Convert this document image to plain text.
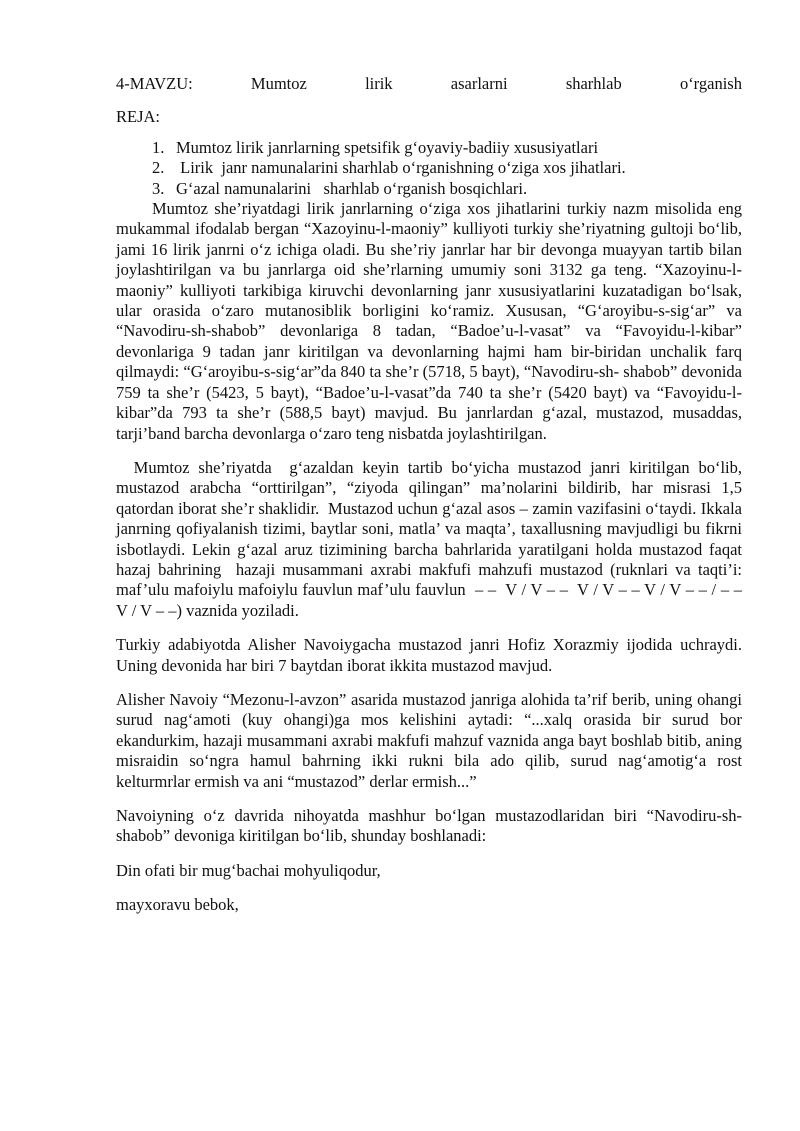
4-MAVZU:	Mumtoz	lirik	asarlarni	sharhlab	o‘rganish
REJA:
1. Mumtoz lirik janrlarning spetsifik g‘oyaviy-badiiy xususiyatlari
2. Lirik  janr namunalarini sharhlab o‘rganishning o‘ziga xos jihatlari.
3. G‘azal namunalarini   sharhlab o‘rganish bosqichlari.

Mumtoz she’riyatdagi lirik janrlarning o‘ziga xos jihatlarini turkiy nazm misolida eng mukammal ifodalab bergan “Xazoyinu-l-maoniy” kulliyoti turkiy she’riyatning gultoji bo‘lib, jami 16 lirik janrni o‘z ichiga oladi. Bu she’riy janrlar har bir devonga muayyan tartib bilan joylashtirilgan va bu janrlarga oid she’rlarning umumiy soni 3132 ga teng. “Xazoyinu-l-maoniy” kulliyoti tarkibiga kiruvchi devonlarning janr xususiyatlarini kuzatadigan bo‘lsak, ular orasida o‘zaro mutanosiblik borligini ko‘ramiz. Xususan, “G‘aroyibu-s-sig‘ar” va “Navodiru-sh-shabob” devonlariga 8 tadan, “Badoe’u-l-vasat” va “Favoyidu-l-kibar” devonlariga 9 tadan janr kiritilgan va devonlarning hajmi ham bir-biridan unchalik farq qilmaydi: “G‘aroyibu-s-sig‘ar”da 840 ta she’r (5718, 5 bayt), “Navodiru-sh- shabob” devonida 759 ta she’r (5423, 5 bayt), “Badoe’u-l-vasat”da 740 ta she’r (5420 bayt) va “Favoyidu-l-kibar”da 793 ta she’r (588,5 bayt) mavjud. Bu janrlardan g‘azal, mustazod, musaddas, tarji’band barcha devonlarga o‘zaro teng nisbatda joylashtirilgan.

Mumtoz she’riyatda  g‘azaldan keyin tartib bo‘yicha mustazod janri kiritilgan bo‘lib, mustazod arabcha “orttirilgan”, “ziyoda qilingan” ma’nolarini bildirib, har misrasi 1,5 qatordan iborat she’r shaklidir.  Mustazod uchun g‘azal asos – zamin vazifasini o‘taydi. Ikkala janrning qofiyalanish tizimi, baytlar soni, matla’ va maqta’, taxallusning mavjudligi bu fikrni isbotlaydi. Lekin g‘azal aruz tizimining barcha bahrlarida yaratilgani holda mustazod faqat hazaj bahrining  hazaji musammani axrabi makfufi mahzufi mustazod (ruknlari va taqti’i: maf’ulu mafoiylu mafoiylu fauvlun maf’ulu fauvlun  – –  V / V – –  V / V – – V / V – – / – – V / V – –) vaznida yoziladi.

Turkiy adabiyotda Alisher Navoiygacha mustazod janri Hofiz Xorazmiy ijodida uchraydi. Uning devonida har biri 7 baytdan iborat ikkita mustazod mavjud.

Alisher Navoiy “Mezonu-l-avzon” asarida mustazod janriga alohida ta’rif berib, uning ohangi surud nag‘amoti (kuy ohangi)ga mos kelishini aytadi: “...xalq orasida bir surud bor ekandurkim, hazaji musammani axrabi makfufi mahzuf vaznida anga bayt boshlab bitib, aning misraidin so‘ngra hamul bahrning ikki rukni bila ado qilib, surud nag‘amotig‘a rost kelturmrlar ermish va ani “mustazod” derlar ermish...”

Navoiyning o‘z davrida nihoyatda mashhur bo‘lgan mustazodlaridan biri “Navodiru-sh-shabob” devoniga kiritilgan bo‘lib, shunday boshlanadi:

Din ofati bir mug‘bachai mohyuliqodur,

mayxoravu bebok,
